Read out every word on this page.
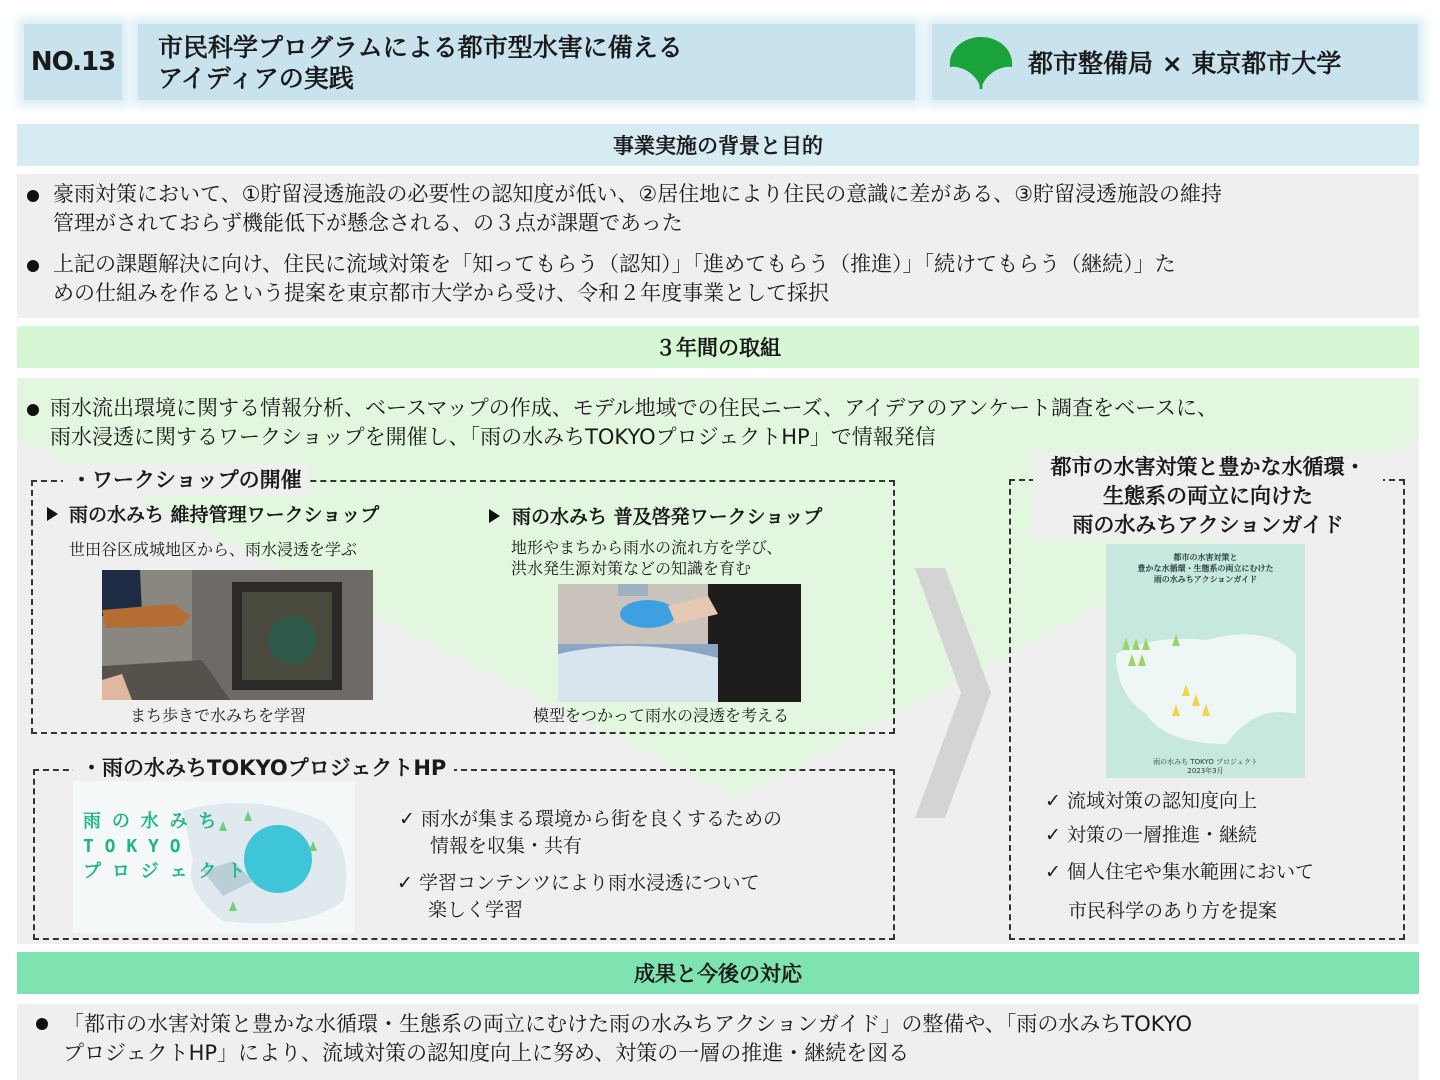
NO.13 市民科学プログラムによる都市型水害に備える
アイディアの実践
都市整備局 × 東京都市大学
事業実施の背景と目的
豪雨対策において、①貯留浸透施設の必要性の認知度が低い、②居住地により住民の意識に差がある、③貯留浸透施設の維持
管理がされておらず機能低下が懸念される、の３点が課題であった
上記の課題解決に向け、住民に流域対策を「知ってもらう（認知）」「進めてもらう（推進）」「続けてもらう（継続）」た
めの仕組みを作るという提案を東京都市大学から受け、令和２年度事業として採択
３年間の取組
雨水流出環境に関する情報分析、ベースマップの作成、モデル地域での住民ニーズ、アイデアのアンケート調査をベースに、
雨水浸透に関するワークショップを開催し、「雨の水みちTOKYOプロジェクトHP」で情報発信
・ワークショップの開催
雨の水みち 維持管理ワークショップ
世田谷区成城地区から、雨水浸透を学ぶ
まち歩きで水みちを学習
雨の水みち 普及啓発ワークショップ
地形やまちから雨水の流れ方を学び、
洪水発生源対策などの知識を育む
模型をつかって雨水の浸透を考える
・雨の水みちTOKYOプロジェクトHP
雨 の 水 み ち
T O K Y O
プ ロ ジ ェ ク ト
✓ 雨水が集まる環境から街を良くするための
情報を収集・共有
✓ 学習コンテンツにより雨水浸透について
楽しく学習
都市の水害対策と豊かな水循環・
生態系の両立に向けた
雨の水みちアクションガイド
都市の水害対策と
豊かな水循環・生態系の両立にむけた
雨の水みちアクションガイド
雨の水みち TOKYO プロジェクト
2023年3月
✓ 流域対策の認知度向上
✓ 対策の一層推進・継続
✓ 個人住宅や集水範囲において
市民科学のあり方を提案
成果と今後の対応
「都市の水害対策と豊かな水循環・生態系の両立にむけた雨の水みちアクションガイド」の整備や、「雨の水みちTOKYO
プロジェクトHP」により、流域対策の認知度向上に努め、対策の一層の推進・継続を図る
